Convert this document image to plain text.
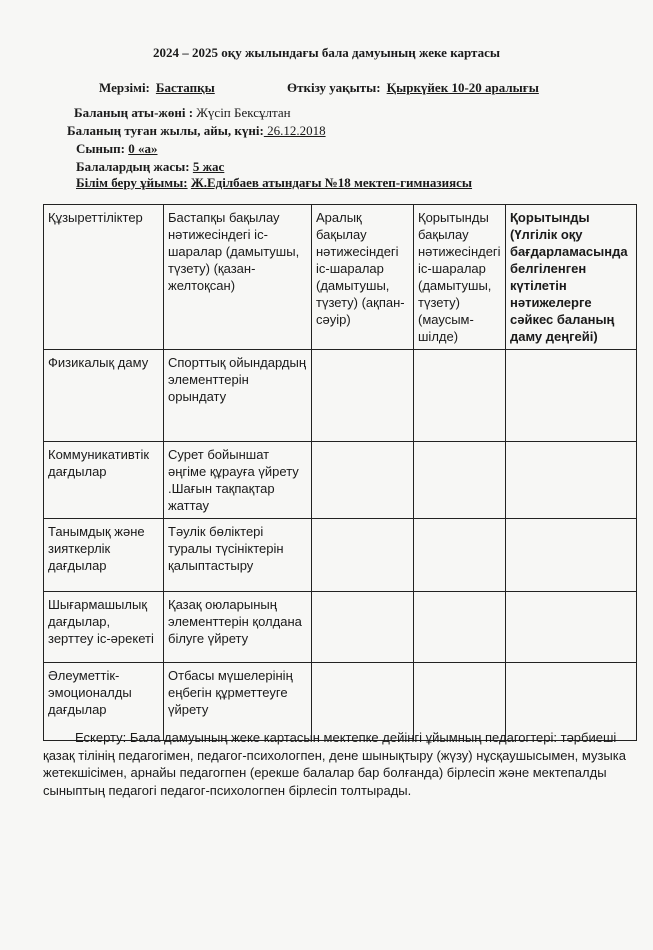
2024 – 2025 оқу жылындағы бала дамуының жеке картасы
Мерзімі: Бастапқы	Өткізу уақыты: Қыркүйек 10-20 аралығы
Баланың аты-жөні : Жүсіп Бексұлтан
Баланың туған жылы, айы, күні: 26.12.2018
Сынып: 0 «а»
Балалардың жасы: 5 жас
Білім беру ұйымы: Ж.Еділбаев атындағы №18 мектеп-гимназиясы
Құзыреттіліктер	Бастапқы бақылау нәтижесіндегі іс-шаралар (дамытушы, түзету) (қазан-желтоқсан)	Аралық бақылау нәтижесіндегі іс-шаралар (дамытушы, түзету) (ақпан-сәуір)	Қорытынды бақылау нәтижесіндегі іс-шаралар (дамытушы, түзету) (маусым-шілде)	Қорытынды (Үлгілік оқу бағдарламасында белгіленген күтілетін нәтижелерге сәйкес баланың даму деңгейі)
Физикалық даму	Спорттық ойындардың элементтерін орындату			
Коммуникативтік дағдылар	Сурет бойыншат әңгіме құрауға үйрету .Шағын тақпақтар жаттау			
Танымдық және зияткерлік дағдылар	Тәулік бөліктері туралы түсініктерін қалыптастыру			
Шығармашылық дағдылар, зерттеу іс-әрекеті	Қазақ оюларының элементтерін қолдана білуге үйрету			
Әлеуметтік-эмоционалды дағдылар	Отбасы мүшелерінің еңбегін құрметтеуге үйрету			
Ескерту: Бала дамуының жеке картасын мектепке дейінгі ұйымның педагогтері: тәрбиеші қазақ тілінің педагогімен, педагог-психологпен, дене шынықтыру (жүзу) нұсқаушысымен, музыка жетекшісімен, арнайы педагогпен (ерекше балалар бар болғанда) бірлесіп және мектепалды сыныптың педагогі педагог-психологпен бірлесіп толтырады.
